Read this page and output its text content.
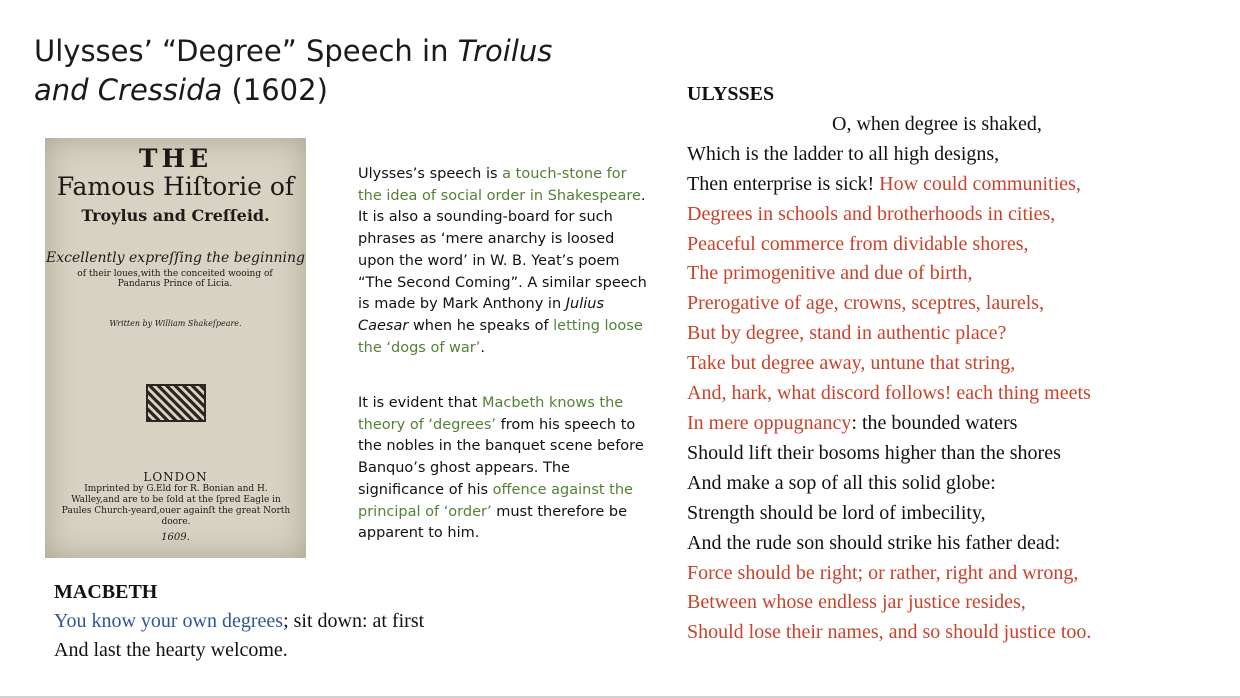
Ulysses’ “Degree” Speech in Troilus
and Cressida (1602)
THE
Famous Hiſtorie of
Troylus and Creſſeid.
Excellently expreſſing the beginning
of their loues,with the conceited wooing of Pandarus Prince of Licia.
Written by William Shakeſpeare.
LONDON
Imprinted by G.Eld for R. Bonian and H. Walley,and are to be ſold at the ſpred Eagle in Paules Church-yeard,ouer againſt the great North doore.
1609.

Ulysses’s speech is a touch-stone for the idea of social order in Shakespeare. It is also a sounding-board for such phrases as ‘mere anarchy is loosed upon the word’ in W. B. Yeat’s poem “The Second Coming”. A similar speech is made by Mark Anthony in Julius Caesar when he speaks of letting loose the ‘dogs of war’.

It is evident that Macbeth knows the theory of ‘degrees’ from his speech to the nobles in the banquet scene before Banquo’s ghost appears. The significance of his offence against the principal of ‘order’ must therefore be apparent to him.

MACBETH
You know your own degrees; sit down: at first
And last the hearty welcome.
ULYSSES
O, when degree is shaked,
Which is the ladder to all high designs,
Then enterprise is sick! How could communities,
Degrees in schools and brotherhoods in cities,
Peaceful commerce from dividable shores,
The primogenitive and due of birth,
Prerogative of age, crowns, sceptres, laurels,
But by degree, stand in authentic place?
Take but degree away, untune that string,
And, hark, what discord follows! each thing meets
In mere oppugnancy: the bounded waters
Should lift their bosoms higher than the shores
And make a sop of all this solid globe:
Strength should be lord of imbecility,
And the rude son should strike his father dead:
Force should be right; or rather, right and wrong,
Between whose endless jar justice resides,
Should lose their names, and so should justice too.
